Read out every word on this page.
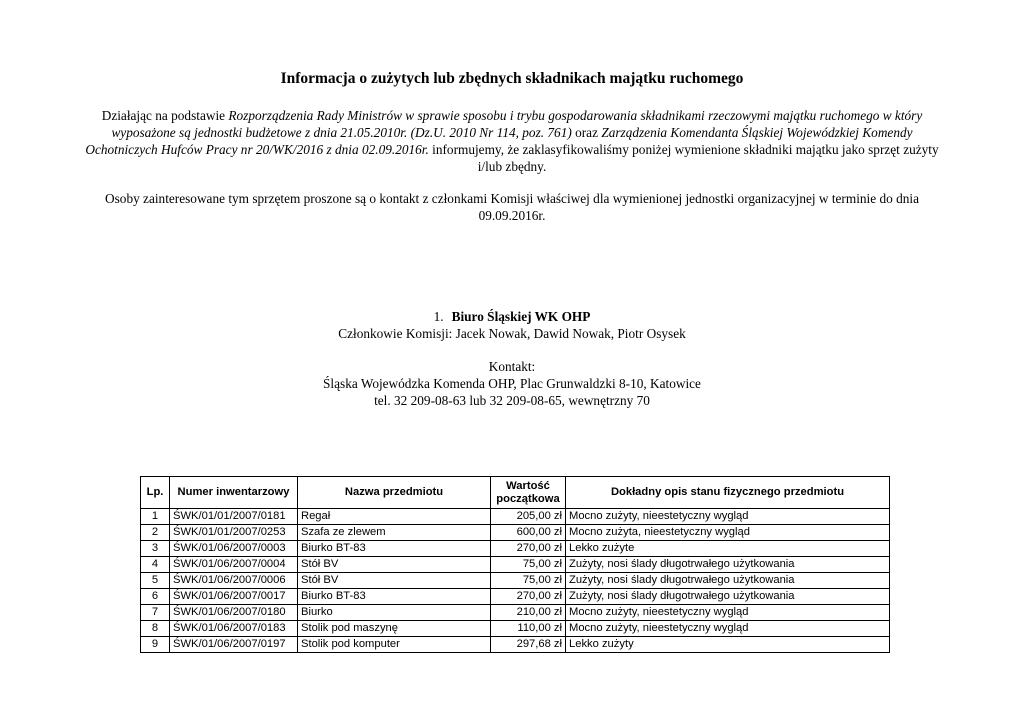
Informacja o zużytych lub zbędnych składnikach majątku ruchomego
Działając na podstawie Rozporządzenia Rady Ministrów w sprawie sposobu i trybu gospodarowania składnikami rzeczowymi majątku ruchomego w który wyposażone są jednostki budżetowe z dnia 21.05.2010r. (Dz.U. 2010 Nr 114, poz. 761) oraz Zarządzenia Komendanta Śląskiej Wojewódzkiej Komendy Ochotniczych Hufców Pracy nr 20/WK/2016 z dnia 02.09.2016r. informujemy, że zaklasyfikowaliśmy poniżej wymienione składniki majątku jako sprzęt zużyty i/lub zbędny.
Osoby zainteresowane tym sprzętem proszone są o kontakt z członkami Komisji właściwej dla wymienionej jednostki organizacyjnej w terminie do dnia 09.09.2016r.
1. Biuro Śląskiej WK OHP
Członkowie Komisji: Jacek Nowak, Dawid Nowak, Piotr Osysek
Kontakt:
Śląska Wojewódzka Komenda OHP, Plac Grunwaldzki 8-10, Katowice
tel. 32 209-08-63 lub 32 209-08-65, wewnętrzny 70
Lp.	Numer inwentarzowy	Nazwa przedmiotu	Wartość początkowa	Dokładny opis stanu fizycznego przedmiotu
1	ŚWK/01/01/2007/0181	Regał	205,00 zł	Mocno zużyty, nieestetyczny wygląd
2	ŚWK/01/01/2007/0253	Szafa ze zlewem	600,00 zł	Mocno zużyta, nieestetyczny wygląd
3	ŚWK/01/06/2007/0003	Biurko BT-83	270,00 zł	Lekko zużyte
4	ŚWK/01/06/2007/0004	Stół BV	75,00 zł	Zużyty, nosi ślady długotrwałego użytkowania
5	ŚWK/01/06/2007/0006	Stół BV	75,00 zł	Zużyty, nosi ślady długotrwałego użytkowania
6	ŚWK/01/06/2007/0017	Biurko BT-83	270,00 zł	Zużyty, nosi ślady długotrwałego użytkowania
7	ŚWK/01/06/2007/0180	Biurko	210,00 zł	Mocno zużyty, nieestetyczny wygląd
8	ŚWK/01/06/2007/0183	Stolik pod maszynę	110,00 zł	Mocno zużyty, nieestetyczny wygląd
9	ŚWK/01/06/2007/0197	Stolik pod komputer	297,68 zł	Lekko zużyty
